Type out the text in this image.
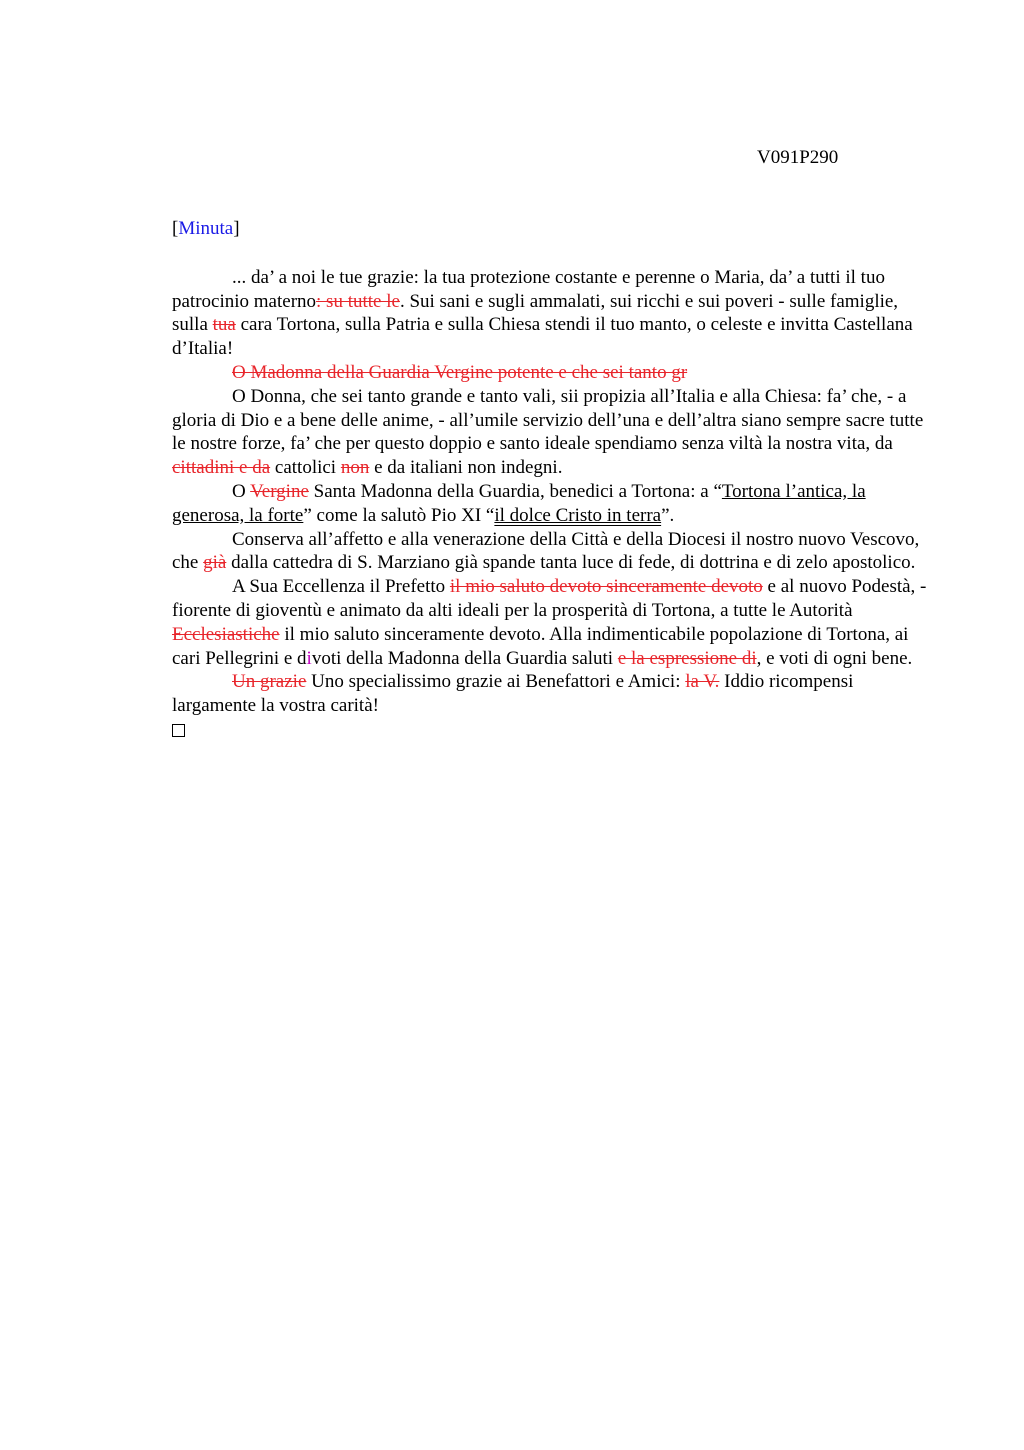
V091P290
[Minuta]

... da’ a noi le tue grazie: la tua protezione costante e perenne o Maria, da’ a tutti il tuo patrocinio materno: su tutte le. Sui sani e sugli ammalati, sui ricchi e sui poveri - sulle famiglie, sulla tua cara Tortona, sulla Patria e sulla Chiesa stendi il tuo manto, o celeste e invitta Castellana d’Italia!

O Madonna della Guardia Vergine potente e che sei tanto gr

O Donna, che sei tanto grande e tanto vali, sii propizia all’Italia e alla Chiesa: fa’ che, - a gloria di Dio e a bene delle anime, - all’umile servizio dell’una e dell’altra siano sempre sacre tutte le nostre forze, fa’ che per questo doppio e santo ideale spendiamo senza viltà la nostra vita, da cittadini e da cattolici non e da italiani non indegni.

O Vergine Santa Madonna della Guardia, benedici a Tortona: a “Tortona l’antica, la generosa, la forte” come la salutò Pio XI “il dolce Cristo in terra”.

Conserva all’affetto e alla venerazione della Città e della Diocesi il nostro nuovo Vescovo, che già dalla cattedra di S. Marziano già spande tanta luce di fede, di dottrina e di zelo apostolico.

A Sua Eccellenza il Prefetto il mio saluto devoto sinceramente devoto e al nuovo Podestà, - fiorente di gioventù e animato da alti ideali per la prosperità di Tortona, a tutte le Autorità Ecclesiastiche il mio saluto sinceramente devoto. Alla indimenticabile popolazione di Tortona, ai cari Pellegrini e divoti della Madonna della Guardia saluti e la espressione di, e voti di ogni bene.

Un grazie Uno specialissimo grazie ai Benefattori e Amici: la V. Iddio ricompensi largamente la vostra carità!
